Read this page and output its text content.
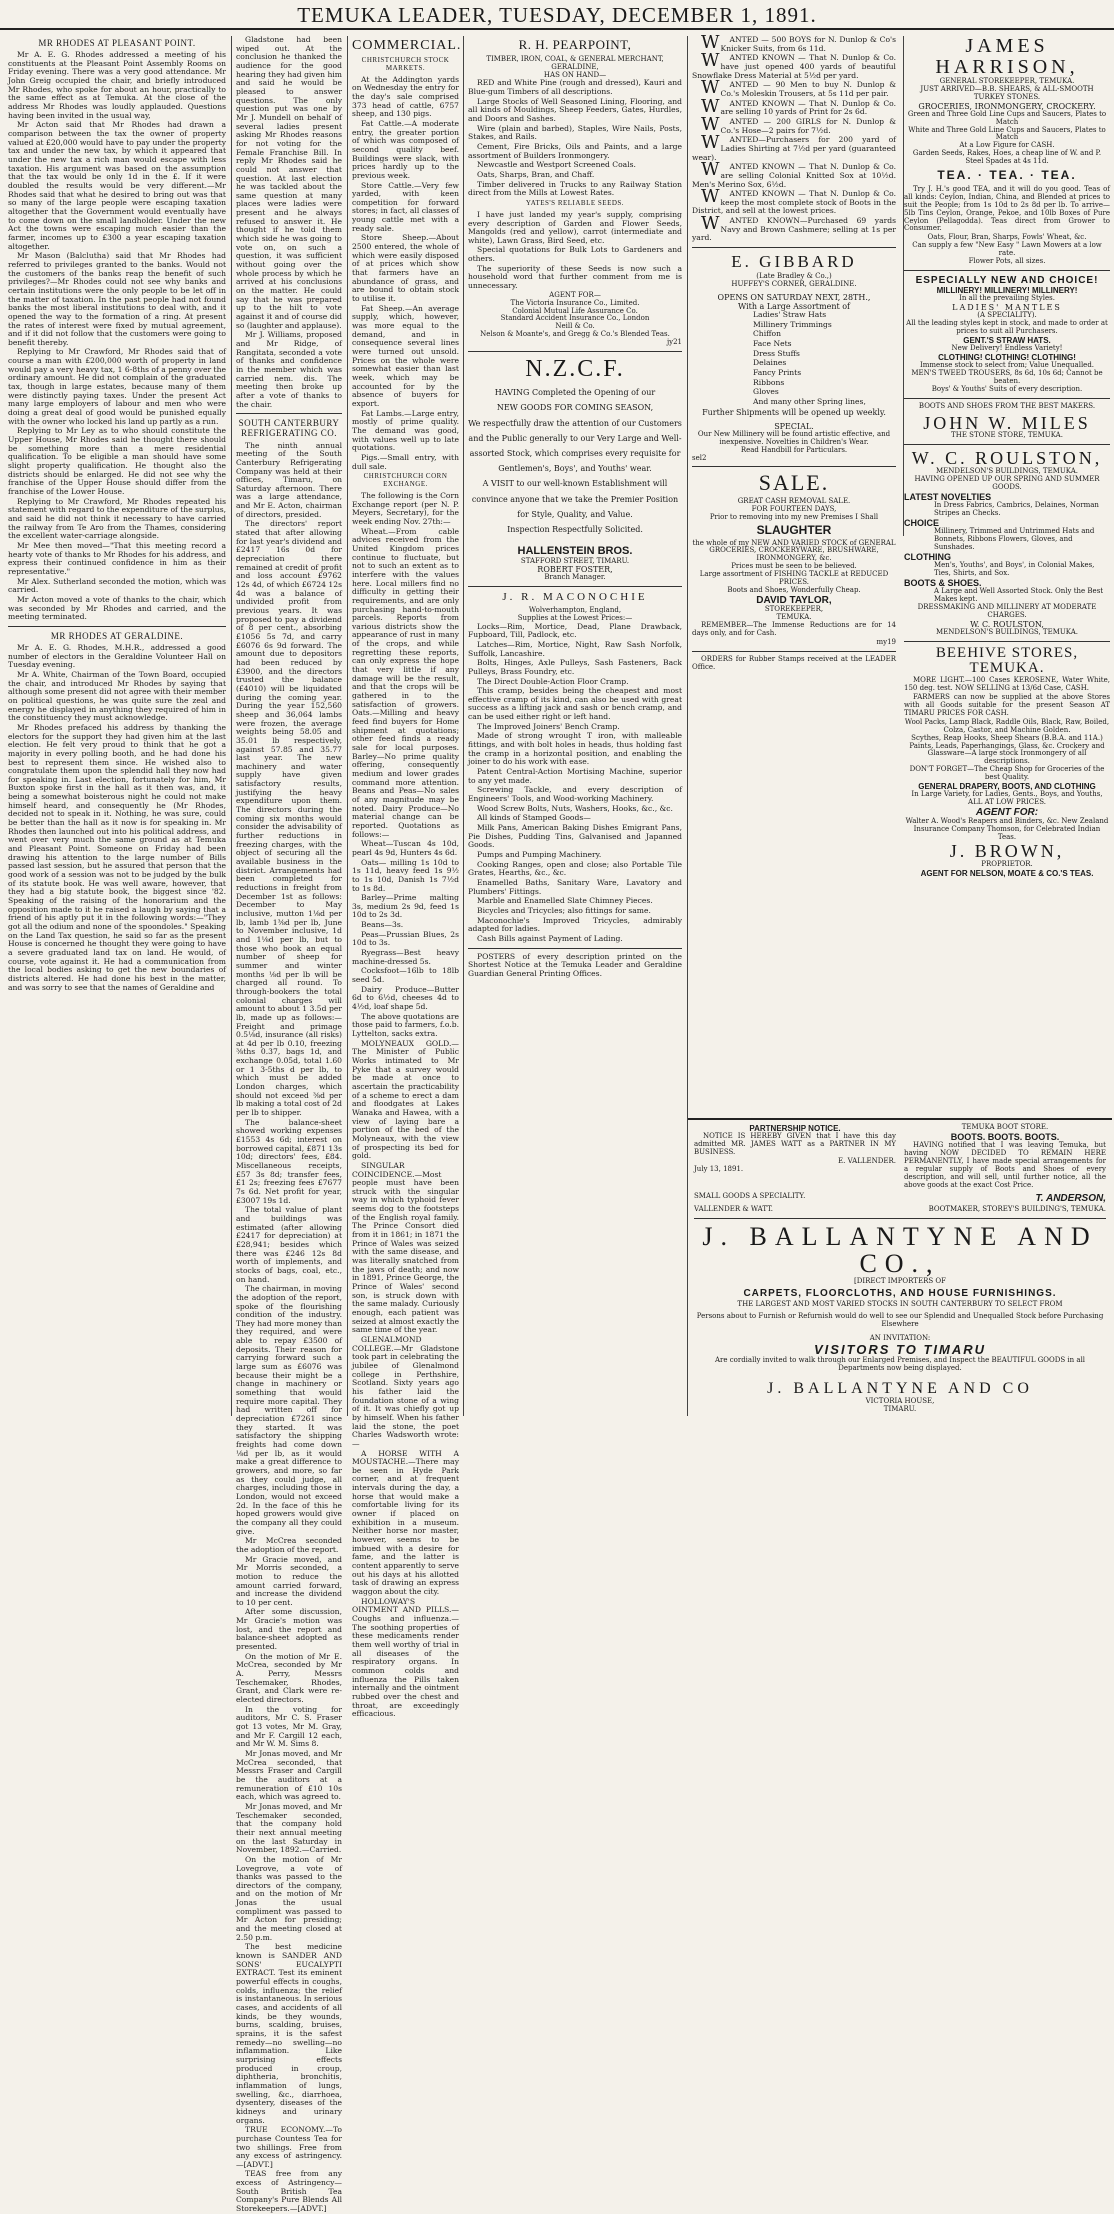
TEMUKA LEADER, TUESDAY, DECEMBER 1, 1891.
MR RHODES AT PLEASANT POINT.
Mr A. E. G. Rhodes addressed a meeting of his constituents at the Pleasant Point Assembly Rooms on Friday evening. There was a very good attendance. Mr John Greig occupied the chair, and briefly introduced Mr Rhodes, who spoke for about an hour, practically to the same effect as at Temuka. At the close of the address Mr Rhodes was loudly applauded. Questions having been invited in the usual way,
Mr Acton said that Mr Rhodes had drawn a comparison between the tax the owner of property valued at £20,000 would have to pay under the property tax and under the new tax, by which it appeared that under the new tax a rich man would escape with less taxation. His argument was based on the assumption that the tax would be only 1d in the £. If it were doubled the results would be very different.—Mr Rhodes said that what he desired to bring out was that so many of the large people were escaping taxation altogether that the Government would eventually have to come down on the small landholder. Under the new Act the towns were escaping much easier than the farmer, incomes up to £300 a year escaping taxation altogether.
Mr Mason (Balclutha) said that Mr Rhodes had referred to privileges granted to the banks. Would not the customers of the banks reap the benefit of such privileges?—Mr Rhodes could not see why banks and certain institutions were the only people to be let off in the matter of taxation. In the past people had not found banks the most liberal institutions to deal with, and it opened the way to the formation of a ring. At present the rates of interest were fixed by mutual agreement, and if it did not follow that the customers were going to benefit thereby.
Replying to Mr Crawford, Mr Rhodes said that of course a man with £200,000 worth of property in land would pay a very heavy tax, 1 6-8ths of a penny over the ordinary amount. He did not complain of the graduated tax, though in large estates, because many of them were distinctly paying taxes. Under the present Act many large employers of labour and men who were doing a great deal of good would be punished equally with the owner who locked his land up partly as a run.
Replying to Mr Ley as to who should constitute the Upper House, Mr Rhodes said he thought there should be something more than a mere residential qualification. To be eligible a man should have some slight property qualification. He thought also the districts should be enlarged. He did not see why the franchise of the Upper House should differ from the franchise of the Lower House.
Replying to Mr Crawford, Mr Rhodes repeated his statement with regard to the expenditure of the surplus, and said he did not think it necessary to have carried the railway from Te Aro from the Thames, considering the excellent water-carriage alongside.
Mr Mee then moved—"That this meeting record a hearty vote of thanks to Mr Rhodes for his address, and express their continued confidence in him as their representative."
Mr Alex. Sutherland seconded the motion, which was carried.
Mr Acton moved a vote of thanks to the chair, which was seconded by Mr Rhodes and carried, and the meeting terminated.
MR RHODES AT GERALDINE.
Mr A. E. G. Rhodes, M.H.R., addressed a good number of electors in the Geraldine Volunteer Hall on Tuesday evening.
Mr A. White, Chairman of the Town Board, occupied the chair, and introduced Mr Rhodes by saying that although some present did not agree with their member on political questions, he was quite sure the zeal and energy he displayed in anything they required of him in the constituency they must acknowledge.
Mr Rhodes prefaced his address by thanking the electors for the support they had given him at the last election. He felt very proud to think that he got a majority in every polling booth, and he had done his best to represent them since. He wished also to congratulate them upon the splendid hall they now had for speaking in. Last election, fortunately for him, Mr Buxton spoke first in the hall as it then was, and, it being a somewhat boisterous night he could not make himself heard, and consequently he (Mr Rhodes, decided not to speak in it. Nothing, he was sure, could be better than the hall as it now is for speaking in. Mr Rhodes then launched out into his political address, and went over very much the same ground as at Temuka and Pleasant Point. Someone on Friday had been drawing his attention to the large number of Bills passed last session, but he assured that person that the good work of a session was not to be judged by the bulk of its statute book. He was well aware, however, that they had a big statute book, the biggest since '82. Speaking of the raising of the honorarium and the opposition made to it he raised a laugh by saying that a friend of his aptly put it in the following words:—"They got all the odium and none of the spoondoles." Speaking on the Land Tax question, he said so far as the present House is concerned he thought they were going to have a severe graduated land tax on land. He would, of course, vote against it. He had a communication from the local bodies asking to get the new boundaries of districts altered. He had done his best in the matter, and was sorry to see that the names of Geraldine and
Gladstone had been wiped out. At the conclusion he thanked the audience for the good hearing they had given him and said he would be pleased to answer questions. The only question put was one by Mr J. Mundell on behalf of several ladies present asking Mr Rhodes reasons for not voting for the Female Franchise Bill. In reply Mr Rhodes said he could not answer that question. At last election he was tackled about the same question at many places were ladies were present and he always refused to answer it. He thought if he told them which side he was going to vote on, on such a question, it was sufficient without going over the whole process by which he arrived at his conclusions on the matter. He could say that he was prepared up to the hilt to vote against it and of course did so (laughter and applause).
Mr J. Williams, proposed and Mr Ridge, of Rangitata, seconded a vote of thanks and confidence in the member which was carried nem. dis. The meeting then broke up after a vote of thanks to the chair.
SOUTH CANTERBURY REFRIGERATING CO.
The ninth annual meeting of the South Canterbury Refrigerating Company was held at their offices, Timaru, on Saturday afternoon. There was a large attendance, and Mr E. Acton, chairman of directors, presided.
The directors' report stated that after allowing for last year's dividend and £2417 16s 0d for depreciation there remained at credit of profit and loss account £9762 12s 4d, of which £6724 12s 4d was a balance of undivided profit from previous years. It was proposed to pay a dividend of 8 per cent., absorbing £1056 5s 7d, and carry £6076 6s 9d forward. The amount due to depositors had been reduced by £3900, and the directors trusted the balance (£4010) will be liquidated during the coming year. During the year 152,560 sheep and 36,064 lambs were frozen, the average weights being 58.05 and 35.01 lb respectively, against 57.85 and 35.77 last year. The new machinery and water supply have given satisfactory results, justifying the heavy expenditure upon them. The directors during the coming six months would consider the advisability of further reductions in freezing charges, with the object of securing all the available business in the district. Arrangements had been completed for reductions in freight from December 1st as follows: December to May inclusive, mutton 1⅛d per lb, lamb 1⅜d per lb, June to November inclusive, 1d and 1⅛d per lb, but to those who book an equal number of sheep for summer and winter months ⅛d per lb will be charged all round. To through-bookers the total colonial charges will amount to about 1 3.5d per lb, made up as follows:—Freight and primage 0.5⅛d, insurance (all risks) at 4d per lb 0.10, freezing ⅜ths 0.37, bags 1d, and exchange 0.05d, total 1.60 or 1 3-5ths d per lb, to which must be added London charges, which should not exceed ⅜d per lb making a total cost of 2d per lb to shipper.
The balance-sheet showed working expenses £1553 4s 6d; interest on borrowed capital, £871 13s 10d; directors' fees, £84. Miscellaneous receipts, £57 3s 8d; transfer fees, £1 2s; freezing fees £7677 7s 6d. Net profit for year, £3007 19s 1d.
The total value of plant and buildings was estimated (after allowing £2417 for depreciation) at £28,941; besides which there was £246 12s 8d worth of implements, and stocks of bags, coal, etc., on hand.
The chairman, in moving the adoption of the report, spoke of the flourishing condition of the industry. They had more money than they required, and were able to repay £3500 of deposits. Their reason for carrying forward such a large sum as £6076 was because their might be a change in machinery or something that would require more capital. They had written off for depreciation £7261 since they started. It was satisfactory the shipping freights had come down ⅛d per lb, as it would make a great difference to growers, and more, so far as they could judge, all charges, including those in London, would not exceed 2d. In the face of this he hoped growers would give the company all they could give.
Mr McCrea seconded the adoption of the report.
Mr Gracie moved, and Mr Morris seconded, a motion to reduce the amount carried forward, and increase the dividend to 10 per cent.
After some discussion, Mr Gracie's motion was lost, and the report and balance-sheet adopted as presented.
On the motion of Mr E. McCrea, seconded by Mr A. Perry, Messrs Teschemaker, Rhodes, Grant, and Clark were re-elected directors.
In the voting for auditors, Mr C. S. Fraser got 13 votes, Mr M. Gray, and Mr F. Cargill 12 each, and Mr W. M. Sims 8.
Mr Jonas moved, and Mr McCrea seconded, that Messrs Fraser and Cargill be the auditors at a remuneration of £10 10s each, which was agreed to.
Mr Jonas moved, and Mr Teschemaker seconded, that the company hold their next annual meeting on the last Saturday in November, 1892.—Carried.
On the motion of Mr Lovegrove, a vote of thanks was passed to the directors of the company, and on the motion of Mr Jonas the usual compliment was passed to Mr Acton for presiding; and the meeting closed at 2.50 p.m.
The best medicine known is SANDER AND SONS' EUCALYPTI EXTRACT. Test its eminent powerful effects in coughs, colds, influenza; the relief is instantaneous. In serious cases, and accidents of all kinds, be they wounds, burns, scalding, bruises, sprains, it is the safest remedy—no swelling—no inflammation. Like surprising effects produced in croup, diphtheria, bronchitis, inflammation of lungs, swelling, &c., diarrhoea, dysentery, diseases of the kidneys and urinary organs.
TRUE ECONOMY.—To purchase Countess Tea for two shillings. Free from any excess of astringency.—[ADVT.]
TEAS free from any excess of Astringency—South British Tea Company's Pure Blends All Storekeepers.—[ADVT.]
COMMERCIAL.
CHRISTCHURCH STOCK MARKETS.
At the Addington yards on Wednesday the entry for the day's sale comprised 373 head of cattle, 6757 sheep, and 130 pigs.
Fat Cattle.—A moderate entry, the greater portion of which was composed of second quality beef. Buildings were slack, with prices hardly up to the previous week.
Store Cattle.—Very few yarded, with keen competition for forward stores; in fact, all classes of young cattle met with a ready sale.
Store Sheep.—About 2500 entered, the whole of which were easily disposed of at prices which show that farmers have an abundance of grass, and are bound to obtain stock to utilise it.
Fat Sheep.—An average supply, which, however, was more equal to the demand, and in consequence several lines were turned out unsold. Prices on the whole were somewhat easier than last week, which may be accounted for by the absence of buyers for export.
Fat Lambs.—Large entry, mostly of prime quality. The demand was good, with values well up to late quotations.
Pigs.—Small entry, with dull sale.
CHRISTCHURCH CORN EXCHANGE.
The following is the Corn Exchange report (per N. P. Meyers, Secretary), for the week ending Nov. 27th:—
Wheat.—From cable advices received from the United Kingdom prices continue to fluctuate, but not to such an extent as to interfere with the values here. Local millers find no difficulty in getting their requirements, and are only purchasing hand-to-mouth parcels. Reports from various districts show the appearance of rust in many of the crops, and while regretting these reports, can only express the hope that very little if any damage will be the result, and that the crops will be gathered in to the satisfaction of growers. Oats.—Milling and heavy feed find buyers for Home shipment at quotations; other feed finds a ready sale for local purposes. Barley—No prime quality offering, consequently medium and lower grades command more attention. Beans and Peas—No sales of any magnitude may be noted. Dairy Produce—No material change can be reported. Quotations as follows:—
Wheat—Tuscan 4s 10d, pearl 4s 9d, Hunters 4s 6d.
Oats— milling 1s 10d to 1s 11d, heavy feed 1s 9½ to 1s 10d, Danish 1s 7½d to 1s 8d.
Barley—Prime malting 3s, medium 2s 9d, feed 1s 10d to 2s 3d.
Beans—3s.
Peas—Prussian Blues, 2s 10d to 3s.
Ryegrass—Best heavy machine-dressed 5s.
Cocksfoot—16lb to 18lb seed 5d.
Dairy Produce—Butter 6d to 6½d, cheeses 4d to 4½d, loaf shape 5d.
The above quotations are those paid to farmers, f.o.b. Lyttelton, sacks extra.
MOLYNEAUX GOLD.—The Minister of Public Works intimated to Mr Pyke that a survey would be made at once to ascertain the practicability of a scheme to erect a dam and floodgates at Lakes Wanaka and Hawea, with a view of laying bare a portion of the bed of the Molyneaux, with the view of prospecting its bed for gold.
SINGULAR COINCIDENCE.—Most people must have been struck with the singular way in which typhoid fever seems dog to the footsteps of the English royal family. The Prince Consort died from it in 1861; in 1871 the Prince of Wales was seized with the same disease, and was literally snatched from the jaws of death; and now in 1891, Prince George, the Prince of Wales' second son, is struck down with the same malady. Curiously enough, each patient was seized at almost exactly the same time of the year.
GLENALMOND COLLEGE.—Mr Gladstone took part in celebrating the jubilee of Glenalmond college in Perthshire, Scotland. Sixty years ago his father laid the foundation stone of a wing of it. It was chiefly got up by himself. When his father laid the stone, the poet Charles Wadsworth wrote:—
A HORSE WITH A MOUSTACHE.—There may be seen in Hyde Park corner, and at frequent intervals during the day, a horse that would make a comfortable living for its owner if placed on exhibition in a museum. Neither horse nor master, however, seems to be imbued with a desire for fame, and the latter is content apparently to serve out his days at his allotted task of drawing an express waggon about the city.
HOLLOWAY'S OINTMENT AND PILLS.—Coughs and influenza.—The soothing properties of these medicaments render them well worthy of trial in all diseases of the respiratory organs. In common colds and influenza the Pills taken internally and the ointment rubbed over the chest and throat, are exceedingly efficacious.
R. H. PEARPOINT,
TIMBER, IRON, COAL, & GENERAL MERCHANT, GERALDINE,
HAS ON HAND—
RED and White Pine (rough and dressed), Kauri and Blue-gum Timbers of all descriptions.
Large Stocks of Well Seasoned Lining, Flooring, and all kinds of Mouldings, Sheep Feeders, Gates, Hurdles, and Doors and Sashes.
Wire (plain and barbed), Staples, Wire Nails, Posts, Stakes, and Rails.
Cement, Fire Bricks, Oils and Paints, and a large assortment of Builders Ironmongery.
Newcastle and Westport Screened Coals.
Oats, Sharps, Bran, and Chaff.
Timber delivered in Trucks to any Railway Station direct from the Mills at Lowest Rates.
YATES'S RELIABLE SEEDS.
I have just landed my year's supply, comprising every description of Garden and Flower Seeds, Mangolds (red and yellow), carrot (intermediate and white), Lawn Grass, Bird Seed, etc.
Special quotations for Bulk Lots to Gardeners and others.
The superiority of these Seeds is now such a household word that further comment from me is unnecessary.
AGENT FOR—
The Victoria Insurance Co., Limited.
Colonial Mutual Life Assurance Co.
Standard Accident Insurance Co., London
Neill & Co.
Nelson & Moante's, and Gregg & Co.'s Blended Teas.
jy21
N.Z.C.F.
HAVING Completed the Opening of our
NEW GOODS FOR COMING SEASON,
We respectfully draw the attention of our Customers and the Public generally to our Very Large and Well-assorted Stock, which comprises every requisite for Gentlemen's, Boys', and Youths' wear.
A VISIT to our well-known Establishment will convince anyone that we take the Premier Position for Style, Quality, and Value.
Inspection Respectfully Solicited.
HALLENSTEIN BROS.
STAFFORD STREET, TIMARU.
ROBERT FOSTER,
Branch Manager.
J. R. MACONOCHIE
Wolverhampton, England,
Supplies at the Lowest Prices:—
Locks—Rim, Mortice, Dead, Plane Drawback, Fupboard, Till, Padlock, etc.
Latches—Rim, Mortice, Night, Raw Sash Norfolk, Suffolk, Lancashire.
Bolts, Hinges, Axle Pulleys, Sash Fasteners, Back Pulleys, Brass Foundry, etc.
The Direct Double-Action Floor Cramp.
This cramp, besides being the cheapest and most effective cramp of its kind, can also be used with great success as a lifting jack and sash or bench cramp, and can be used either right or left hand.
The Improved Joiners' Bench Cramp.
Made of strong wrought T iron, with malleable fittings, and with bolt holes in heads, thus holding fast the cramp in a horizontal position, and enabling the joiner to do his work with ease.
Patent Central-Action Mortising Machine, superior to any yet made.
Screwing Tackle, and every description of Engineers' Tools, and Wood-working Machinery.
Wood Screw Bolts, Nuts, Washers, Hooks, &c., &c.
All kinds of Stamped Goods—
Milk Pans, American Baking Dishes Emigrant Pans, Pie Dishes, Pudding Tins, Galvanised and Japanned Goods.
Pumps and Pumping Machinery.
Cooking Ranges, open and close; also Portable Tile Grates, Hearths, &c., &c.
Enamelled Baths, Sanitary Ware, Lavatory and Plumbers' Fittings.
Marble and Enamelled Slate Chimney Pieces.
Bicycles and Tricycles; also fittings for same.
Maconochie's Improved Tricycles, admirably adapted for ladies.
Cash Bills against Payment of Lading.
POSTERS of every description printed on the Shortest Notice at the Temuka Leader and Geraldine Guardian General Printing Offices.
WANTED — 500 BOYS for N. Dunlop & Co's Knicker Suits, from 6s 11d.
WANTED KNOWN — That N. Dunlop & Co. have just opened 400 yards of beautiful Snowflake Dress Material at 5½d per yard.
WANTED — 90 Men to buy N. Dunlop & Co.'s Moleskin Trousers, at 5s 11d per pair.
WANTED KNOWN — That N. Dunlop & Co. are selling 10 yards of Print for 2s 6d.
WANTED — 200 GIRLS for N. Dunlop & Co.'s Hose—2 pairs for 7½d.
WANTED—Purchasers for 200 yard of Ladies Shirting at 7½d per yard (guaranteed wear).
WANTED KNOWN — That N. Dunlop & Co. are selling Colonial Knitted Sox at 10½d. Men's Merino Sox, 6½d.
WANTED KNOWN — That N. Dunlop & Co. keep the most complete stock of Boots in the District, and sell at the lowest prices.
WANTED KNOWN—Purchased 69 yards Navy and Brown Cashmere; selling at 1s per yard.
E. GIBBARD
(Late Bradley & Co.,)
HUFFEY'S CORNER, GERALDINE.
OPENS ON SATURDAY NEXT, 28TH.,
With a Large Assortment of
Ladies' Straw Hats
Millinery Trimmings
Chiffon
Face Nets
Dress Stuffs
Delaines
Fancy Prints
Ribbons
Gloves
And many other Spring lines,
Further Shipments will be opened up weekly.
SPECIAL.
Our New Millinery will be found artistic effective, and inexpensive. Novelties in Children's Wear.
Read Handbill for Particulars.
sel2
SALE.
GREAT CASH REMOVAL SALE.
FOR FOURTEEN DAYS,
Prior to removing into my new Premises I Shall
SLAUGHTER
the whole of my NEW AND VARIED STOCK of GENERAL GROCERIES, CROCKERYWARE, BRUSHWARE, IRONMONGERY, &c.
Prices must be seen to be believed.
Large assortment of FISHING TACKLE at REDUCED PRICES.
Boots and Shoes, Wonderfully Cheap.
DAVID TAYLOR,
STOREKEEPER,
TEMUKA.
REMEMBER—The Immense Reductions are for 14 days only, and for Cash.
my19
ORDERS for Rubber Stamps received at the LEADER Office.
JAMES HARRISON,
GENERAL STOREKEEPER, TEMUKA.
JUST ARRIVED—B.B. SHEARS, & ALL-SMOOTH TURKEY STONES.
GROCERIES, IRONMONGERY, CROCKERY.
Green and Three Gold Line Cups and Saucers, Plates to Match
White and Three Gold Line Cups and Saucers, Plates to Match
At a Low Figure for CASH.
Garden Seeds, Rakes, Hoes, a cheap line of W. and P. Steel Spades at 4s 11d.
TEA. · TEA. · TEA.
Try J. H.'s good TEA, and it will do you good. Teas of all kinds: Ceylon, Indian, China, and Blended at prices to suit the People; from 1s 10d to 2s 8d per lb. To arrive—5lb Tins Ceylon, Orange, Pekoe, and 10lb Boxes of Pure Ceylon (Pellagodda). Teas direct from Grower to Consumer.
Oats, Flour, Bran, Sharps, Fowls' Wheat, &c.
Can supply a few "New Easy " Lawn Mowers at a low rate.
Flower Pots, all sizes.
ESPECIALLY NEW AND CHOICE!
MILLINERY! MILLINERY! MILLINERY!
In all the prevailing Styles.
LADIES' MANTLES
(A SPECIALITY).
All the leading styles kept in stock, and made to order at prices to suit all Purchasers.
GENT.'S STRAW HATS.
New Delivery! Endless Variety!
CLOTHING! CLOTHING! CLOTHING!
Immense stock to select from; Value Unequalled.
MEN'S TWEED TROUSERS, 8s 6d, 10s 6d; Cannot be beaten.
Boys' & Youths' Suits of every description.
BOOTS AND SHOES FROM THE BEST MAKERS.
JOHN W. MILES
THE STONE STORE, TEMUKA.
W. C. ROULSTON,
MENDELSON'S BUILDINGS, TEMUKA.
HAVING OPENED UP OUR SPRING AND SUMMER GOODS.
LATEST NOVELTIES
In Dress Fabrics, Cambrics, Delaines, Norman Stripes an Checks.
CHOICE
Millinery, Trimmed and Untrimmed Hats and Bonnets, Ribbons Flowers, Gloves, and Sunshades.
CLOTHING
Men's, Youths', and Boys', in Colonial Makes, Ties, Shirts, and Sox.
BOOTS & SHOES.
A Large and Well Assorted Stock. Only the Best Makes kept.
DRESSMAKING AND MILLINERY AT MODERATE CHARGES.
W. C. ROULSTON,
MENDELSON'S BUILDINGS, TEMUKA.
BEEHIVE STORES, TEMUKA.
MORE LIGHT.—100 Cases KEROSENE, Water White, 150 deg. test. NOW SELLING at 13/6d Case, CASH.
FARMERS can now be supplied at the above Stores with all Goods suitable for the present Season AT TIMARU PRICES FOR CASH.
Wool Packs, Lamp Black, Raddle Oils, Black, Raw, Boiled, Colza, Castor, and Machine Golden.
Scythes, Reap Hooks, Sheep Shears (B.B.A. and 11A.)
Paints, Leads, Paperhangings, Glass, &c. Crockery and Glassware—A large stock Ironmongery of all descriptions.
DON'T FORGET—The Cheap Shop for Groceries of the best Quality.
GENERAL DRAPERY, BOOTS, AND CLOTHING
In Large Variety, for Ladies, Gents., Boys, and Youths, ALL AT LOW PRICES.
AGENT FOR:
Walter A. Wood's Reapers and Binders, &c. New Zealand Insurance Company Thomson, for Celebrated Indian Teas.
J. BROWN,
PROPRIETOR.
AGENT FOR NELSON, MOATE & CO.'S TEAS.
PARTNERSHIP NOTICE.
NOTICE IS HEREBY GIVEN that I have this day admitted MR. JAMES WATT as a PARTNER IN MY BUSINESS.
E. VALLENDER.
July 13, 1891.
TEMUKA BOOT STORE.
BOOTS. BOOTS. BOOTS.
HAVING notified that I was leaving Temuka, but having NOW DECIDED TO REMAIN HERE PERMANENTLY, I have made special arrangements for a regular supply of Boots and Shoes of every description, and will sell, until further notice, all the above goods at the exact Cost Price.
SMALL GOODS A SPECIALITY.	T. ANDERSON,
VALLENDER & WATT.	BOOTMAKER, STOREY'S BUILDING'S, TEMUKA.
J. BALLANTYNE AND CO.,
[DIRECT IMPORTERS OF
CARPETS, FLOORCLOTHS, AND HOUSE FURNISHINGS.
THE LARGEST AND MOST VARIED STOCKS IN SOUTH CANTERBURY TO SELECT FROM
Persons about to Furnish or Refurnish would do well to see our Splendid and Unequalled Stock before Purchasing Elsewhere
AN INVITATION:
VISITORS TO TIMARU
Are cordially invited to walk through our Enlarged Premises, and Inspect the BEAUTIFUL GOODS in all Departments now being displayed.
J. BALLANTYNE AND CO
VICTORIA HOUSE,
TIMARU.
